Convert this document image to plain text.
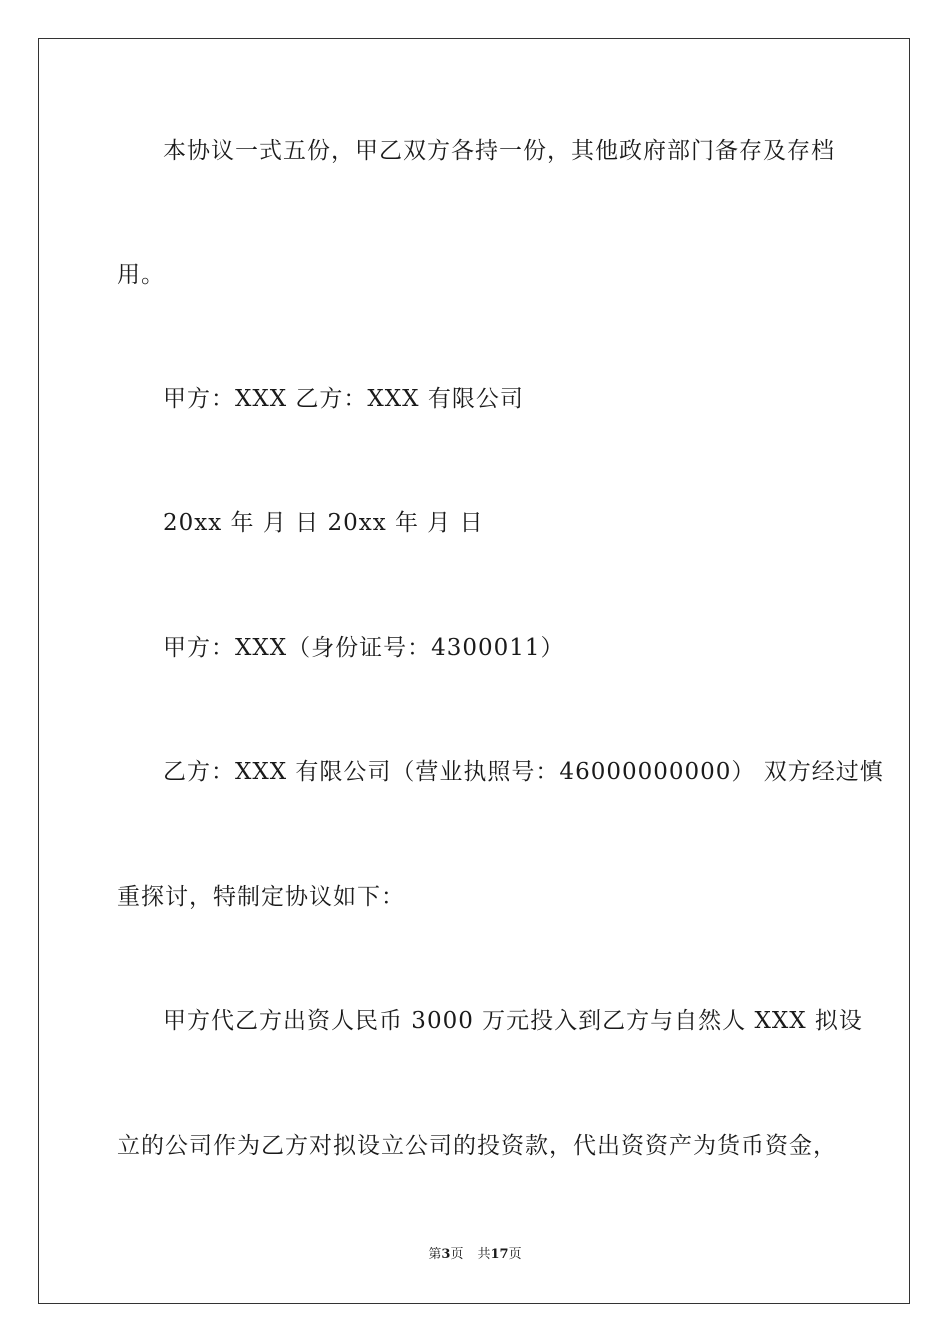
本协议一式五份，甲乙双方各持一份，其他政府部门备存及存档
用。
甲方：XXX 乙方：XXX 有限公司
20xx 年 月 日 20xx 年 月 日
甲方：XXX（身份证号：4300011）
乙方：XXX 有限公司（营业执照号：46000000000） 双方经过慎
重探讨，特制定协议如下：
甲方代乙方出资人民币 3000 万元投入到乙方与自然人 XXX 拟设
立的公司作为乙方对拟设立公司的投资款，代出资资产为货币资金，
第3页 共17页
